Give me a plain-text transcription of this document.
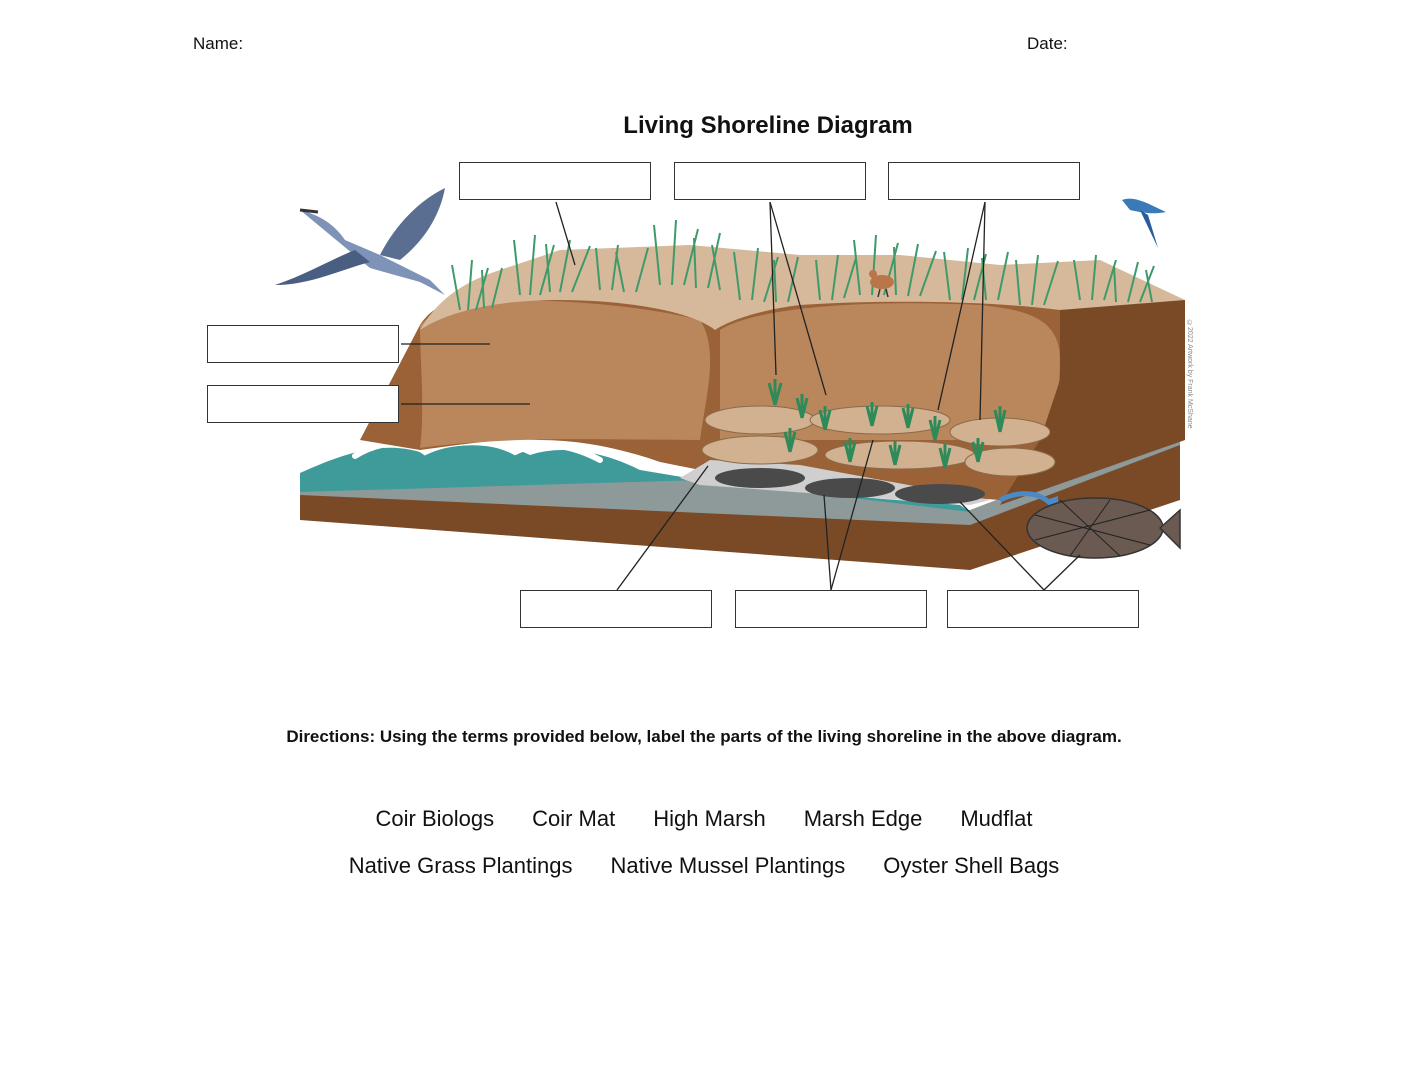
Name:	Date:
Living Shoreline Diagram
©2022 Artwork by Frank McShane
Directions: Using the terms provided below, label the parts of the living shoreline in the above diagram.
Coir Biologs Coir Mat High Marsh Marsh Edge Mudflat
Native Grass Plantings Native Mussel Plantings Oyster Shell Bags
